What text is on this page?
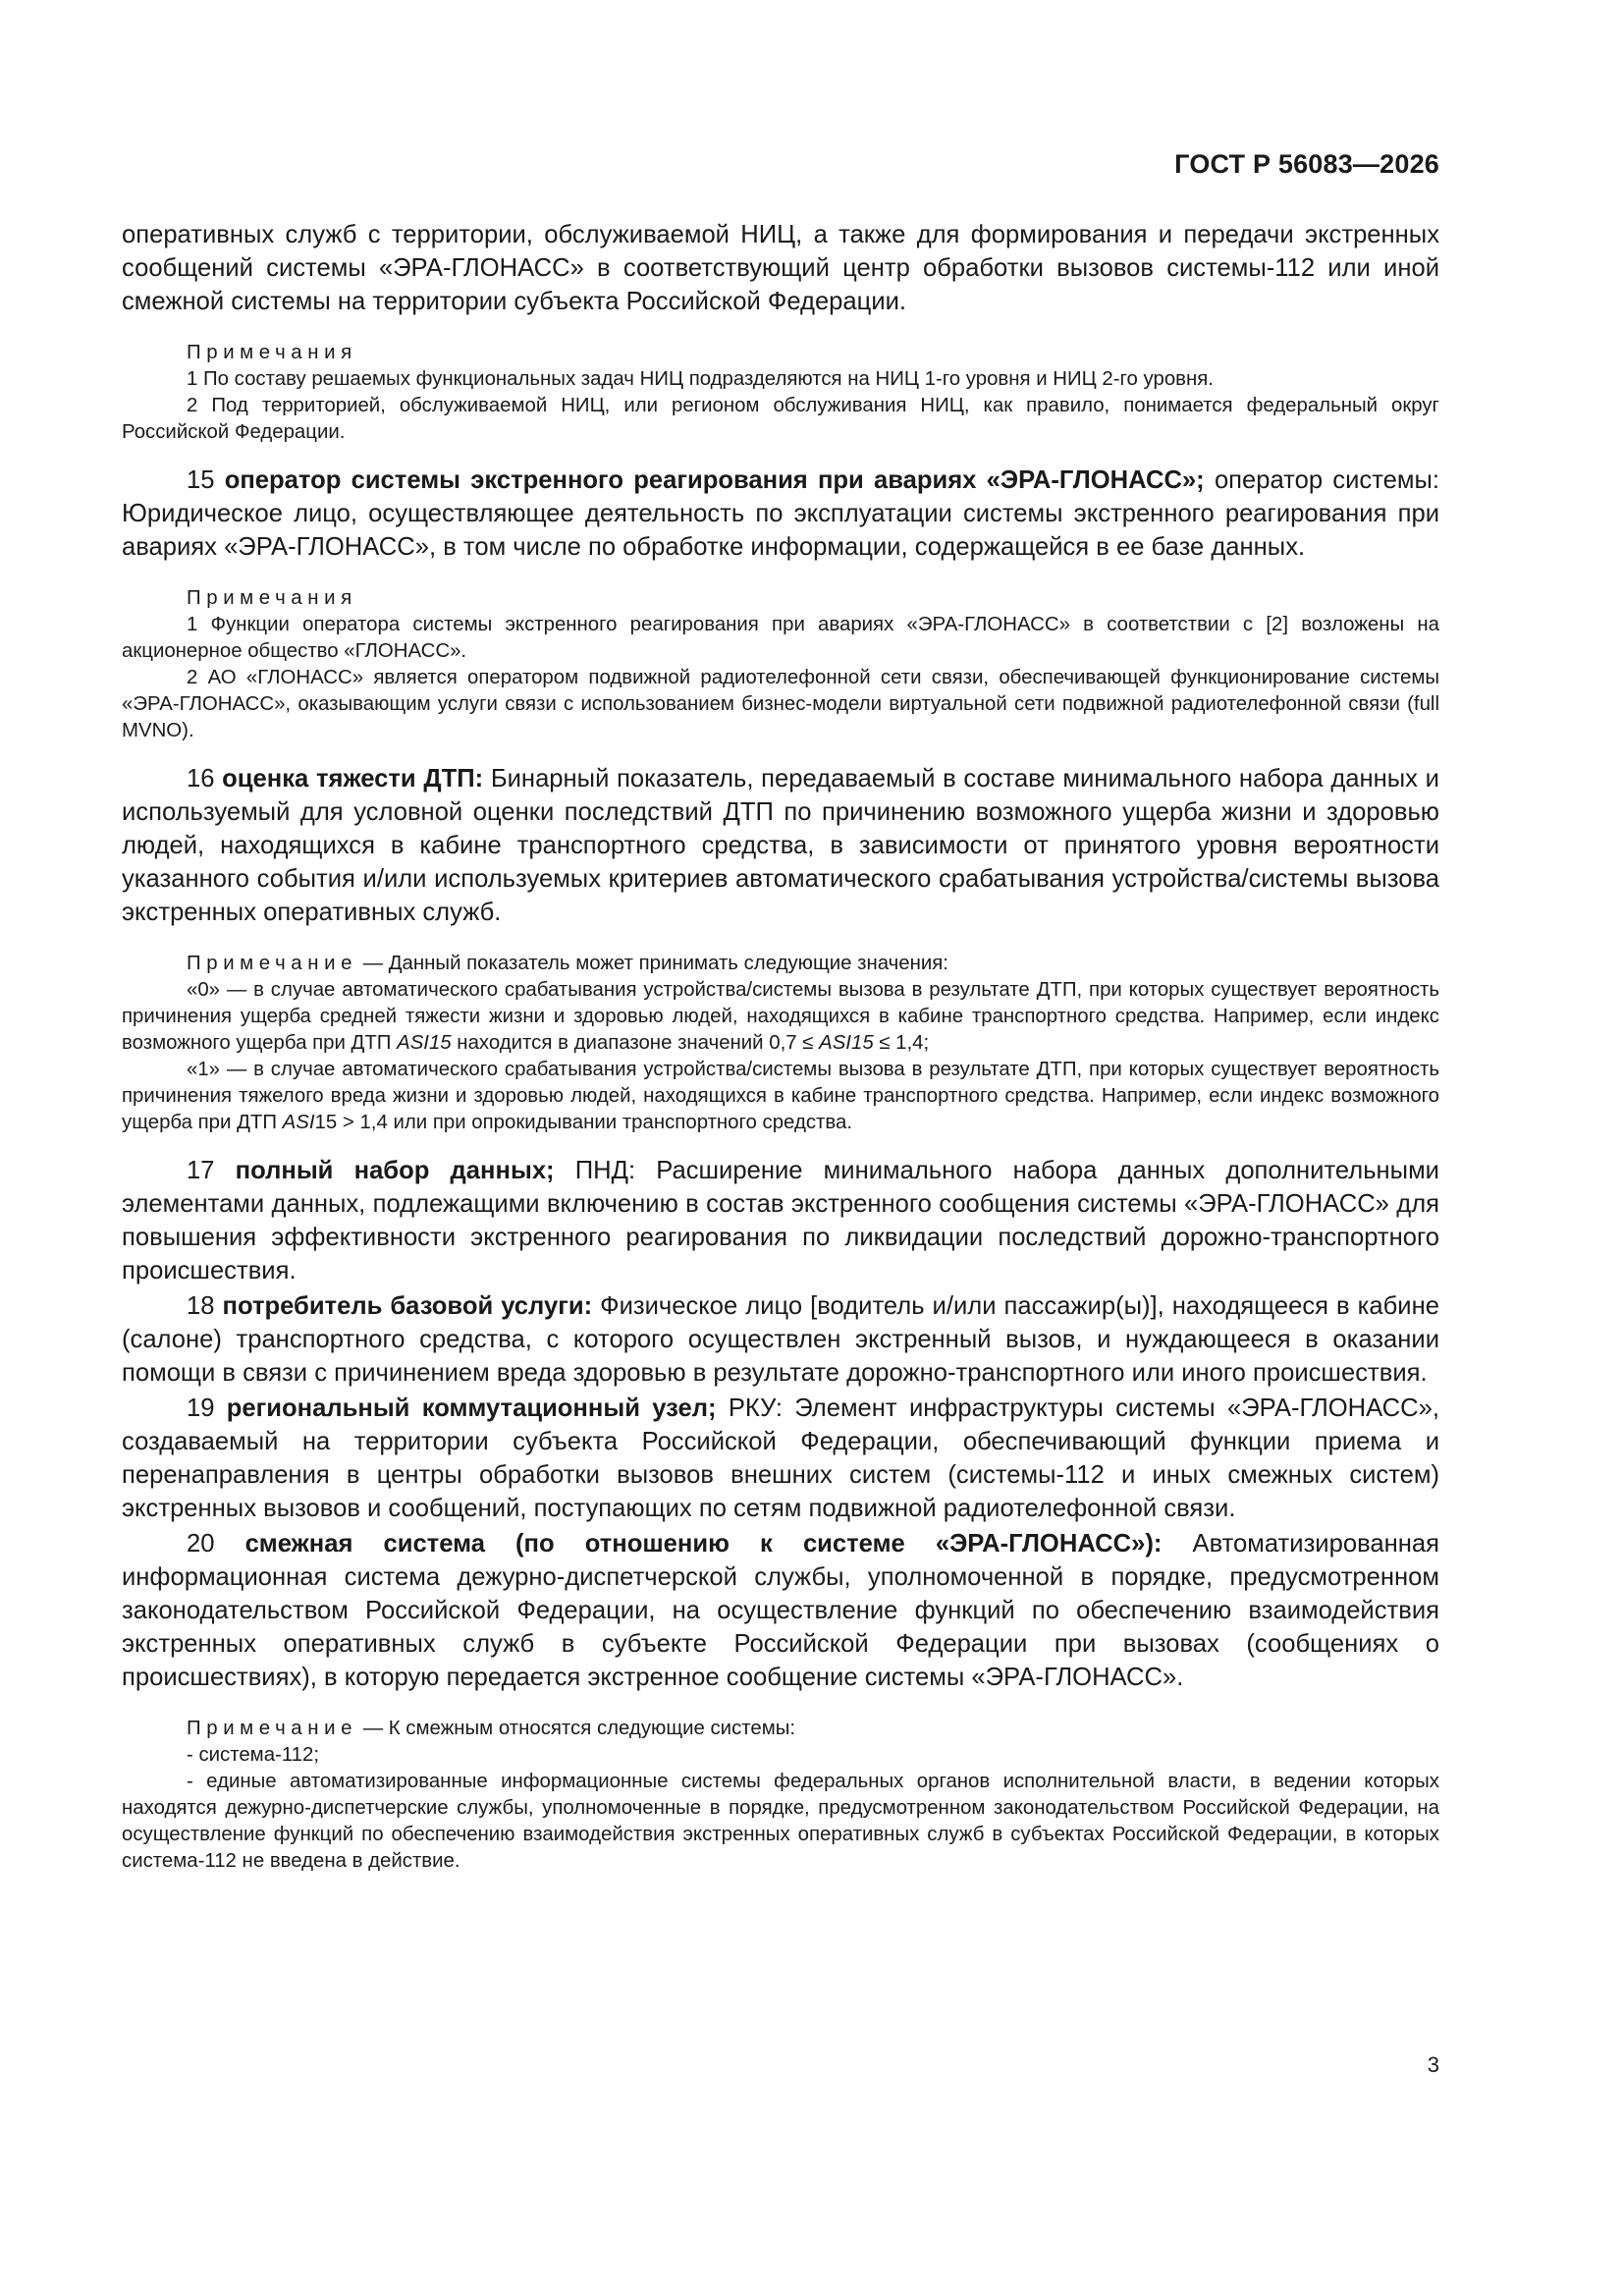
ГОСТ Р 56083—2026

оперативных служб с территории, обслуживаемой НИЦ, а также для формирования и передачи экстренных сообщений системы «ЭРА-ГЛОНАСС» в соответствующий центр обработки вызовов системы-112 или иной смежной системы на территории субъекта Российской Федерации.

Примечания

1 По составу решаемых функциональных задач НИЦ подразделяются на НИЦ 1-го уровня и НИЦ 2-го уровня.

2 Под территорией, обслуживаемой НИЦ, или регионом обслуживания НИЦ, как правило, понимается федеральный округ Российской Федерации.

15 оператор системы экстренного реагирования при авариях «ЭРА-ГЛОНАСС»; оператор системы: Юридическое лицо, осуществляющее деятельность по эксплуатации системы экстренного реагирования при авариях «ЭРА-ГЛОНАСС», в том числе по обработке информации, содержащейся в ее базе данных.

Примечания

1 Функции оператора системы экстренного реагирования при авариях «ЭРА-ГЛОНАСС» в соответствии с [2] возложены на акционерное общество «ГЛОНАСС».

2 АО «ГЛОНАСС» является оператором подвижной радиотелефонной сети связи, обеспечивающей функционирование системы «ЭРА-ГЛОНАСС», оказывающим услуги связи с использованием бизнес-модели виртуальной сети подвижной радиотелефонной связи (full MVNO).

16 оценка тяжести ДТП: Бинарный показатель, передаваемый в составе минимального набора данных и используемый для условной оценки последствий ДТП по причинению возможного ущерба жизни и здоровью людей, находящихся в кабине транспортного средства, в зависимости от принятого уровня вероятности указанного события и/или используемых критериев автоматического срабатывания устройства/системы вызова экстренных оперативных служб.

Примечание — Данный показатель может принимать следующие значения:

«0» — в случае автоматического срабатывания устройства/системы вызова в результате ДТП, при которых существует вероятность причинения ущерба средней тяжести жизни и здоровью людей, находящихся в кабине транспортного средства. Например, если индекс возможного ущерба при ДТП ASI15 находится в диапазоне значений 0,7 ≤ ASI15 ≤ 1,4;

«1» — в случае автоматического срабатывания устройства/системы вызова в результате ДТП, при которых существует вероятность причинения тяжелого вреда жизни и здоровью людей, находящихся в кабине транспортного средства. Например, если индекс возможного ущерба при ДТП ASI15 > 1,4 или при опрокидывании транспортного средства.

17 полный набор данных; ПНД: Расширение минимального набора данных дополнительными элементами данных, подлежащими включению в состав экстренного сообщения системы «ЭРА-ГЛОНАСС» для повышения эффективности экстренного реагирования по ликвидации последствий дорожно-транспортного происшествия.

18 потребитель базовой услуги: Физическое лицо [водитель и/или пассажир(ы)], находящееся в кабине (салоне) транспортного средства, с которого осуществлен экстренный вызов, и нуждающееся в оказании помощи в связи с причинением вреда здоровью в результате дорожно-транспортного или иного происшествия.

19 региональный коммутационный узел; РКУ: Элемент инфраструктуры системы «ЭРА-ГЛОНАСС», создаваемый на территории субъекта Российской Федерации, обеспечивающий функции приема и перенаправления в центры обработки вызовов внешних систем (системы-112 и иных смежных систем) экстренных вызовов и сообщений, поступающих по сетям подвижной радиотелефонной связи.

20 смежная система (по отношению к системе «ЭРА-ГЛОНАСС»): Автоматизированная информационная система дежурно-диспетчерской службы, уполномоченной в порядке, предусмотренном законодательством Российской Федерации, на осуществление функций по обеспечению взаимодействия экстренных оперативных служб в субъекте Российской Федерации при вызовах (сообщениях о происшествиях), в которую передается экстренное сообщение системы «ЭРА-ГЛОНАСС».

Примечание — К смежным относятся следующие системы:

- система-112;

- единые автоматизированные информационные системы федеральных органов исполнительной власти, в ведении которых находятся дежурно-диспетчерские службы, уполномоченные в порядке, предусмотренном законодательством Российской Федерации, на осуществление функций по обеспечению взаимодействия экстренных оперативных служб в субъектах Российской Федерации, в которых система-112 не введена в действие.

3
